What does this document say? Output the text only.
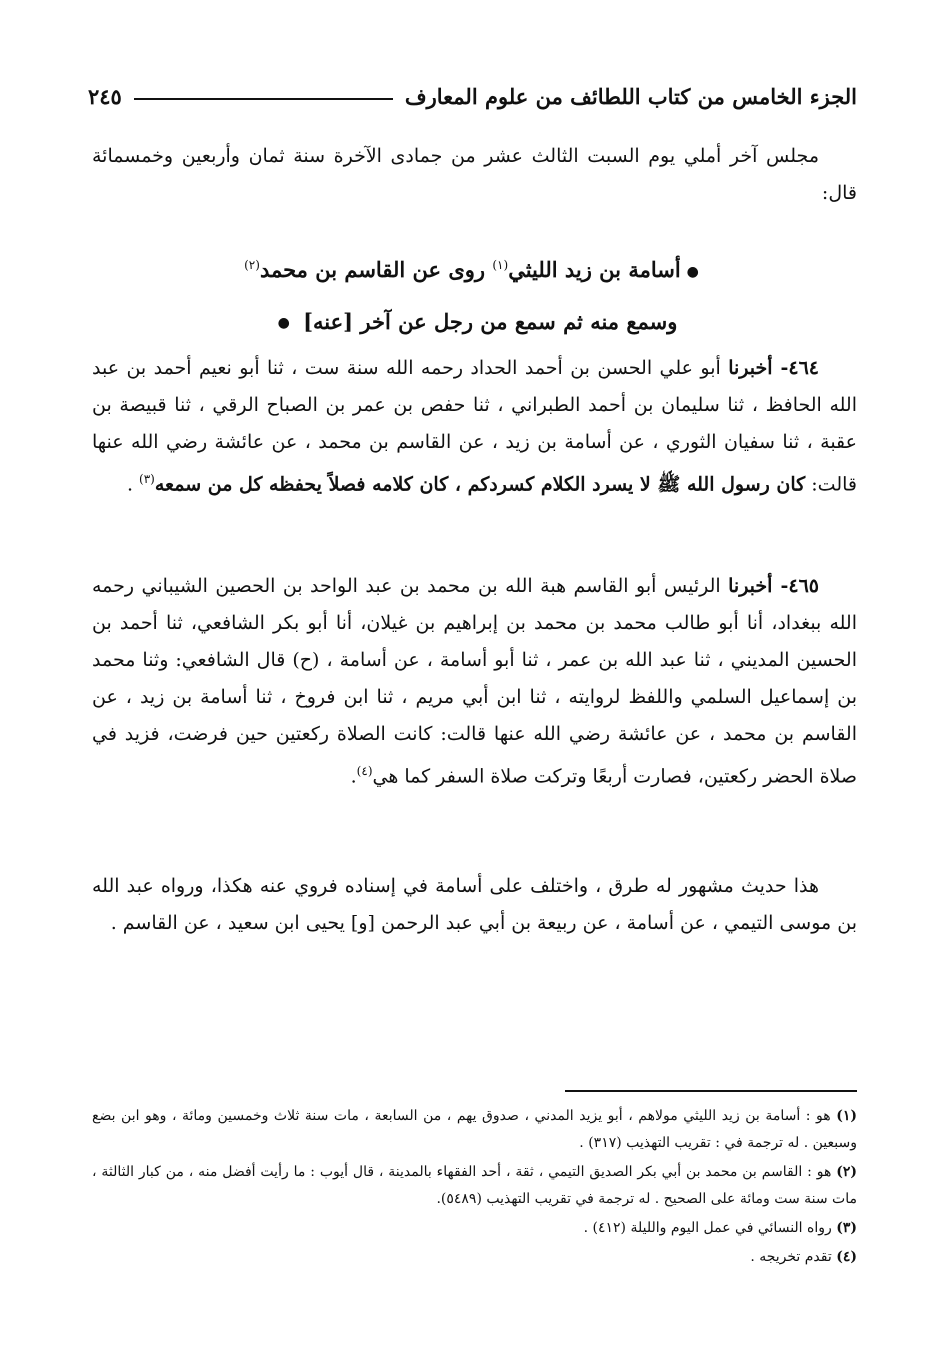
الجزء الخامس من كتاب اللطائف من علوم المعارف
٢٤٥
مجلس آخر أملي يوم السبت الثالث عشر من جمادى الآخرة سنة ثمان وأربعين وخمسمائة قال:
●أسامة بن زيد الليثي$^{(١)}$ روى عن القاسم بن محمد$^{(٢)}$
وسمع منه ثم سمع من رجل عن آخر [عنه] ●

٤٦٤- أخبرنا أبو علي الحسن بن أحمد الحداد رحمه الله سنة ست ، ثنا أبو نعيم أحمد بن عبد الله الحافظ ، ثنا سليمان بن أحمد الطبراني ، ثنا حفص بن عمر بن الصباح الرقي ، ثنا قبيصة بن عقبة ، ثنا سفيان الثوري ، عن أسامة بن زيد ، عن القاسم بن محمد ، عن عائشة رضي الله عنها قالت: كان رسول الله ﷺ لا يسرد الكلام كسردكم ، كان كلامه فصلاً يحفظه كل من سمعه$^{(٣)}$ .

٤٦٥- أخبرنا الرئيس أبو القاسم هبة الله بن محمد بن عبد الواحد بن الحصين الشيباني رحمه الله ببغداد، أنا أبو طالب محمد بن محمد بن إبراهيم بن غيلان، أنا أبو بكر الشافعي، ثنا أحمد بن الحسين المديني ، ثنا عبد الله بن عمر ، ثنا أبو أسامة ، عن أسامة ، (ح) قال الشافعي: وثنا محمد بن إسماعيل السلمي واللفظ لروايته ، ثنا ابن أبي مريم ، ثنا ابن فروخ ، ثنا أسامة بن زيد ، عن القاسم بن محمد ، عن عائشة رضي الله عنها قالت: كانت الصلاة ركعتين حين فرضت، فزيد في صلاة الحضر ركعتين، فصارت أربعًا وتركت صلاة السفر كما هي$^{(٤)}$.

هذا حديث مشهور له طرق ، واختلف على أسامة في إسناده فروي عنه هكذا، ورواه عبد الله بن موسى التيمي ، عن أسامة ، عن ربيعة بن أبي عبد الرحمن [و] يحيى ابن سعيد ، عن القاسم .

(١) هو : أسامة بن زيد الليثي مولاهم ، أبو يزيد المدني ، صدوق يهم ، من السابعة ، مات سنة ثلاث وخمسين ومائة ، وهو ابن بضع وسبعين . له ترجمة في : تقريب التهذيب (٣١٧) .

(٢) هو : القاسم بن محمد بن أبي بكر الصديق التيمي ، ثقة ، أحد الفقهاء بالمدينة ، قال أيوب : ما رأيت أفضل منه ، من كبار الثالثة ، مات سنة ست ومائة على الصحيح . له ترجمة في تقريب التهذيب (٥٤٨٩).

(٣) رواه النسائي في عمل اليوم والليلة (٤١٢) .

(٤) تقدم تخريجه .
